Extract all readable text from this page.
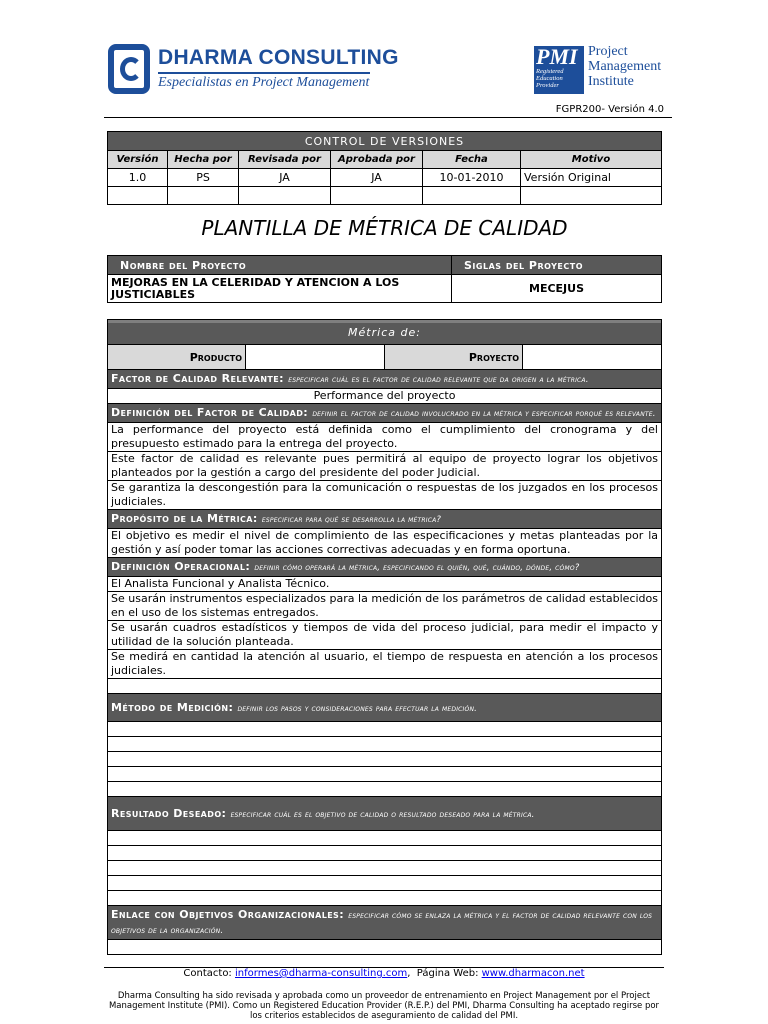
DHARMA CONSULTING
Especialistas en Project Management
PMI
Registered Education Provider
Project
Management
Institute
FGPR200- Versión 4.0
CONTROL DE VERSIONES					
Versión	Hecha por	Revisada por	Aprobada por	Fecha	Motivo
1.0	PS	JA	JA	10-01-2010	Versión Original

PLANTILLA DE MÉTRICA DE CALIDAD
Nombre del Proyecto	Siglas del Proyecto
MEJORAS EN LA CELERIDAD Y ATENCION A LOS JUSTICIABLES	MECEJUS
Métrica de:
Producto		Proyecto	
Factor de Calidad Relevante: especificar cuál es el factor de calidad relevante que da origen a la métrica.
Performance del proyecto
Definición del Factor de Calidad: definir el factor de calidad involucrado en la métrica y especificar porqué es relevante.
La performance del proyecto está definida como el cumplimiento del cronograma y del presupuesto estimado para la entrega del proyecto.
Este factor de calidad es relevante pues permitirá al equipo de proyecto lograr los objetivos planteados por la gestión a cargo del presidente del poder Judicial.
Se garantiza la descongestión para la comunicación o respuestas de los juzgados en los procesos judiciales.
Propósito de la Métrica: especificar para qué se desarrolla la métrica?
El objetivo es medir el nivel de complimiento de las especificaciones y metas planteadas por la gestión y así poder tomar las acciones correctivas adecuadas y en forma oportuna.
Definición Operacional: definir cómo operará la métrica, especificando el quién, qué, cuándo, dónde, cómo?
El Analista Funcional y Analista Técnico.
Se usarán instrumentos especializados para la medición de los parámetros de calidad establecidos en el uso de los sistemas entregados.
Se usarán cuadros estadísticos y tiempos de vida del proceso judicial, para medir el impacto y utilidad de la solución planteada.
Se medirá en cantidad la atención al usuario, el tiempo de respuesta en atención a los procesos judiciales.

Método de Medición: definir los pasos y consideraciones para efectuar la medición.

Resultado Deseado: especificar cuál es el objetivo de calidad o resultado deseado para la métrica.

Enlace con Objetivos Organizacionales: especificar cómo se enlaza la métrica y el factor de calidad relevante con los objetivos de la organización.

Contacto: informes@dharma-consulting.com,  Página Web: www.dharmacon.net
Dharma Consulting ha sido revisada y aprobada como un proveedor de entrenamiento en Project Management por el Project Management Institute (PMI). Como un Registered Education Provider (R.E.P.) del PMI, Dharma Consulting ha aceptado regirse por los criterios establecidos de aseguramiento de calidad del PMI.
